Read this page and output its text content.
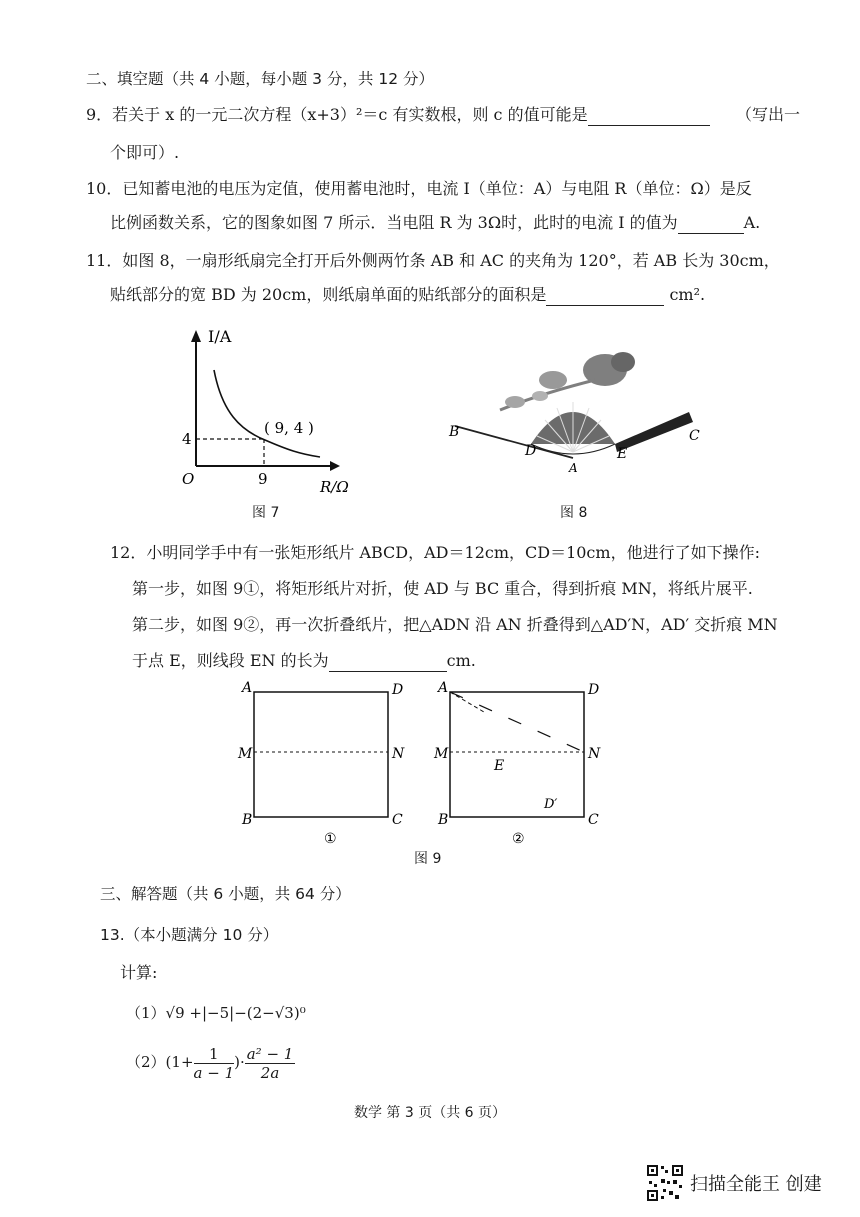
二、填空题（共 4 小题，每小题 3 分，共 12 分）
9．若关于 x 的一元二次方程（x+3）²＝c 有实数根，则 c 的值可能是	（写出一
个即可）.
10．已知蓄电池的电压为定值，使用蓄电池时，电流 I（单位：A）与电阻 R（单位：Ω）是反
比例函数关系，它的图象如图 7 所示．当电阻 R 为 3Ω时，此时的电流 I 的值为	A.
11．如图 8，一扇形纸扇完全打开后外侧两竹条 AB 和 AC 的夹角为 120°，若 AB 长为 30cm，
贴纸部分的宽 BD 为 20cm，则纸扇单面的贴纸部分的面积是	cm².
I/A
R/Ω
O
4
9
( 9, 4 )
图 7
B	C
D	E
A
图 8
12．小明同学手中有一张矩形纸片 ABCD，AD＝12cm，CD＝10cm，他进行了如下操作:
第一步，如图 9①，将矩形纸片对折，使 AD 与 BC 重合，得到折痕 MN，将纸片展平.
第二步，如图 9②，再一次折叠纸片，把△ADN 沿 AN 折叠得到△AD′N，AD′ 交折痕 MN
于点 E，则线段 EN 的长为	cm.
A	D
M	N
B	C
①
A	D
M	N
E
D′
B	C
②
图 9
三、解答题（共 6 小题，共 64 分）
13.（本小题满分 10 分）
计算:
（1）√9 +|−5|−(2−√3)⁰
$(2)(1+ \frac{1}{a - 1}$ )· $\frac{\text{a² − 1}}{2a}$
数学 第 3 页（共 6 页）
扫描全能王 创建
